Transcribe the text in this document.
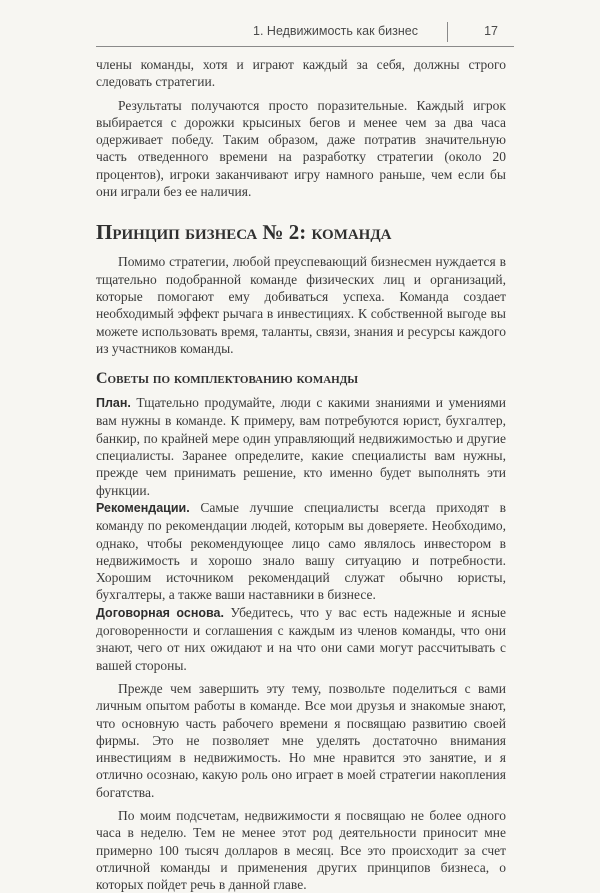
1. Недвижимость как бизнес	17

члены команды, хотя и играют каждый за себя, должны строго следовать стратегии.

Результаты получаются просто поразительные. Каждый игрок выбирается с дорожки крысиных бегов и менее чем за два часа одерживает победу. Таким образом, даже потратив значительную часть отведенного времени на разработку стратегии (около 20 процентов), игроки заканчивают игру намного раньше, чем если бы они играли без ее наличия.

Принцип бизнеса № 2: команда

Помимо стратегии, любой преуспевающий бизнесмен нуждается в тщательно подобранной команде физических лиц и организаций, которые помогают ему добиваться успеха. Команда создает необходимый эффект рычага в инвестициях. К собственной выгоде вы можете использовать время, таланты, связи, знания и ресурсы каждого из участников команды.

Советы по комплектованию команды

План. Тщательно продумайте, люди с какими знаниями и умениями вам нужны в команде. К примеру, вам потребуются юрист, бухгалтер, банкир, по крайней мере один управляющий недвижимостью и другие специалисты. Заранее определите, какие специалисты вам нужны, прежде чем принимать решение, кто именно будет выполнять эти функции.

Рекомендации. Самые лучшие специалисты всегда приходят в команду по рекомендации людей, которым вы доверяете. Необходимо, однако, чтобы рекомендующее лицо само являлось инвестором в недвижимость и хорошо знало вашу ситуацию и потребности. Хорошим источником рекомендаций служат обычно юристы, бухгалтеры, а также ваши наставники в бизнесе.

Договорная основа. Убедитесь, что у вас есть надежные и ясные договоренности и соглашения с каждым из членов команды, что они знают, чего от них ожидают и на что они сами могут рассчитывать с вашей стороны.

Прежде чем завершить эту тему, позвольте поделиться с вами личным опытом работы в команде. Все мои друзья и знакомые знают, что основную часть рабочего времени я посвящаю развитию своей фирмы. Это не позволяет мне уделять достаточно внимания инвестициям в недвижимость. Но мне нравится это занятие, и я отлично осознаю, какую роль оно играет в моей стратегии накопления богатства.

По моим подсчетам, недвижимости я посвящаю не более одного часа в неделю. Тем не менее этот род деятельности приносит мне примерно 100 тысяч долларов в месяц. Все это происходит за счет отличной команды и применения других принципов бизнеса, о которых пойдет речь в данной главе.
